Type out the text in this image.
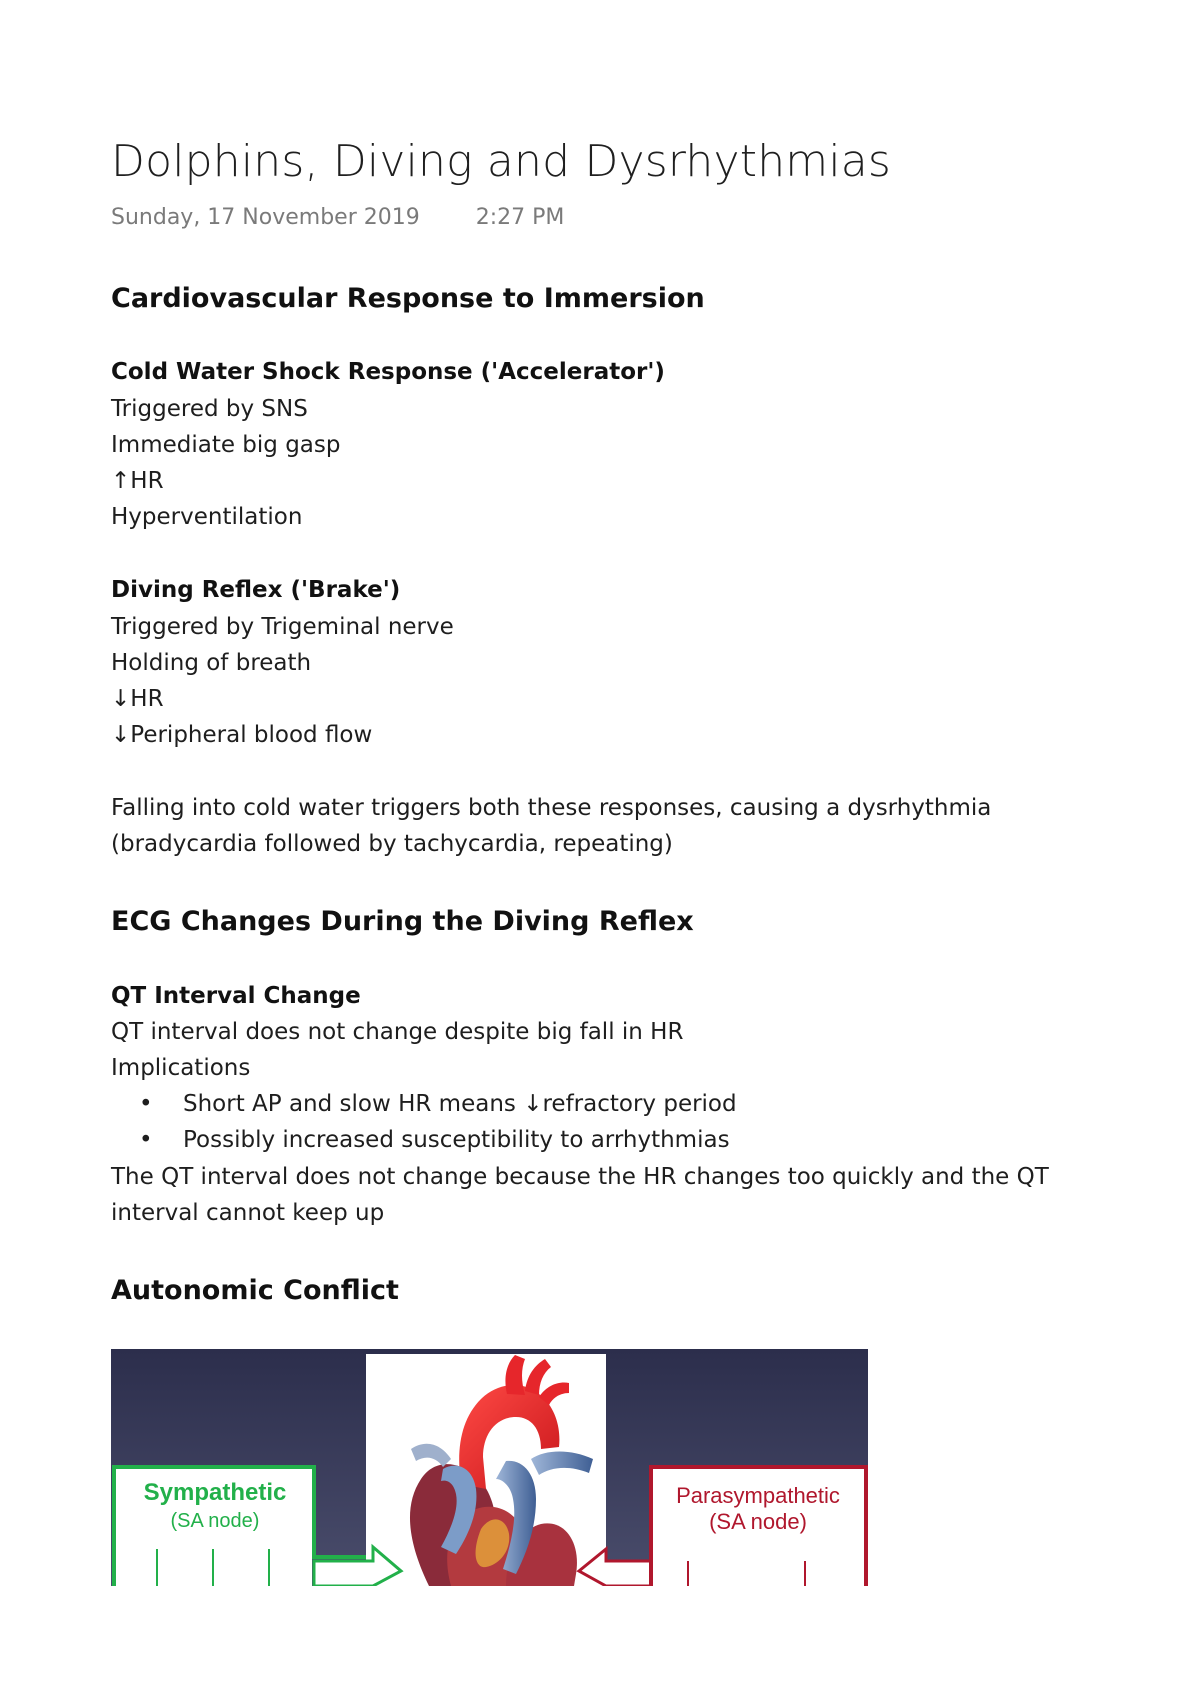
Dolphins, Diving and Dysrhythmias
Sunday, 17 November 2019	2:27 PM
Cardiovascular Response to Immersion
Cold Water Shock Response ('Accelerator')
Triggered by SNS
Immediate big gasp
↑HR
Hyperventilation
Diving Reflex ('Brake')
Triggered by Trigeminal nerve
Holding of breath
↓HR
↓Peripheral blood flow
Falling into cold water triggers both these responses, causing a dysrhythmia
(bradycardia followed by tachycardia, repeating)
ECG Changes During the Diving Reflex
QT Interval Change
QT interval does not change despite big fall in HR
Implications
• Short AP and slow HR means ↓refractory period
• Possibly increased susceptibility to arrhythmias
The QT interval does not change because the HR changes too quickly and the QT
interval cannot keep up
Autonomic Conflict
Sympathetic
(SA node)
Parasympathetic
(SA node)
